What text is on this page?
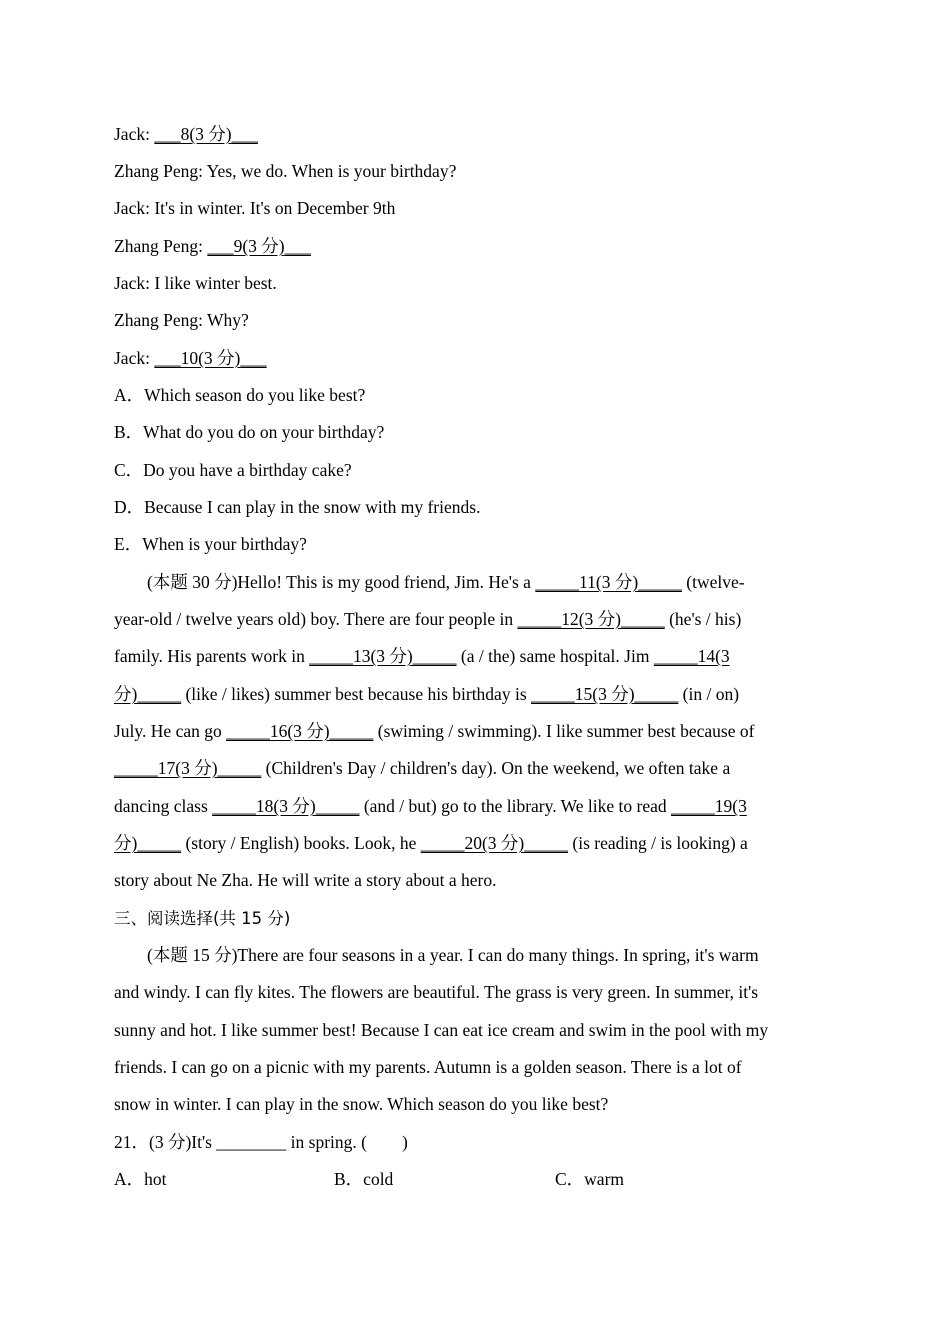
Jack: ___8(3 分)___
Zhang Peng: Yes, we do. When is your birthday?
Jack: It's in winter. It's on December 9th
Zhang Peng: ___9(3 分)___
Jack: I like winter best.
Zhang Peng: Why?
Jack: ___10(3 分)___
A．Which season do you like best?
B．What do you do on your birthday?
C．Do you have a birthday cake?
D．Because I can play in the snow with my friends.
E．When is your birthday?
(本题 30 分)Hello! This is my good friend, Jim. He's a _____11(3 分)_____ (twelve-
year-old / twelve years old) boy. There are four people in _____12(3 分)_____ (he's / his)
family. His parents work in _____13(3 分)_____ (a / the) same hospital. Jim _____14(3
分)_____ (like / likes) summer best because his birthday is _____15(3 分)_____ (in / on)
July. He can go _____16(3 分)_____ (swiming / swimming). I like summer best because of
_____17(3 分)_____ (Children's Day / children's day). On the weekend, we often take a
dancing class _____18(3 分)_____ (and / but) go to the library. We like to read _____19(3
分)_____ (story / English) books. Look, he _____20(3 分)_____ (is reading / is looking) a
story about Ne Zha. He will write a story about a hero.
三、阅读选择(共 15 分)
(本题 15 分)There are four seasons in a year. I can do many things. In spring, it's warm
and windy. I can fly kites. The flowers are beautiful. The grass is very green. In summer, it's
sunny and hot. I like summer best! Because I can eat ice cream and swim in the pool with my
friends. I can go on a picnic with my parents. Autumn is a golden season. There is a lot of
snow in winter. I can play in the snow. Which season do you like best?
21．(3 分)It's ________ in spring. (　　)
A．hot	B．cold	C．warm
